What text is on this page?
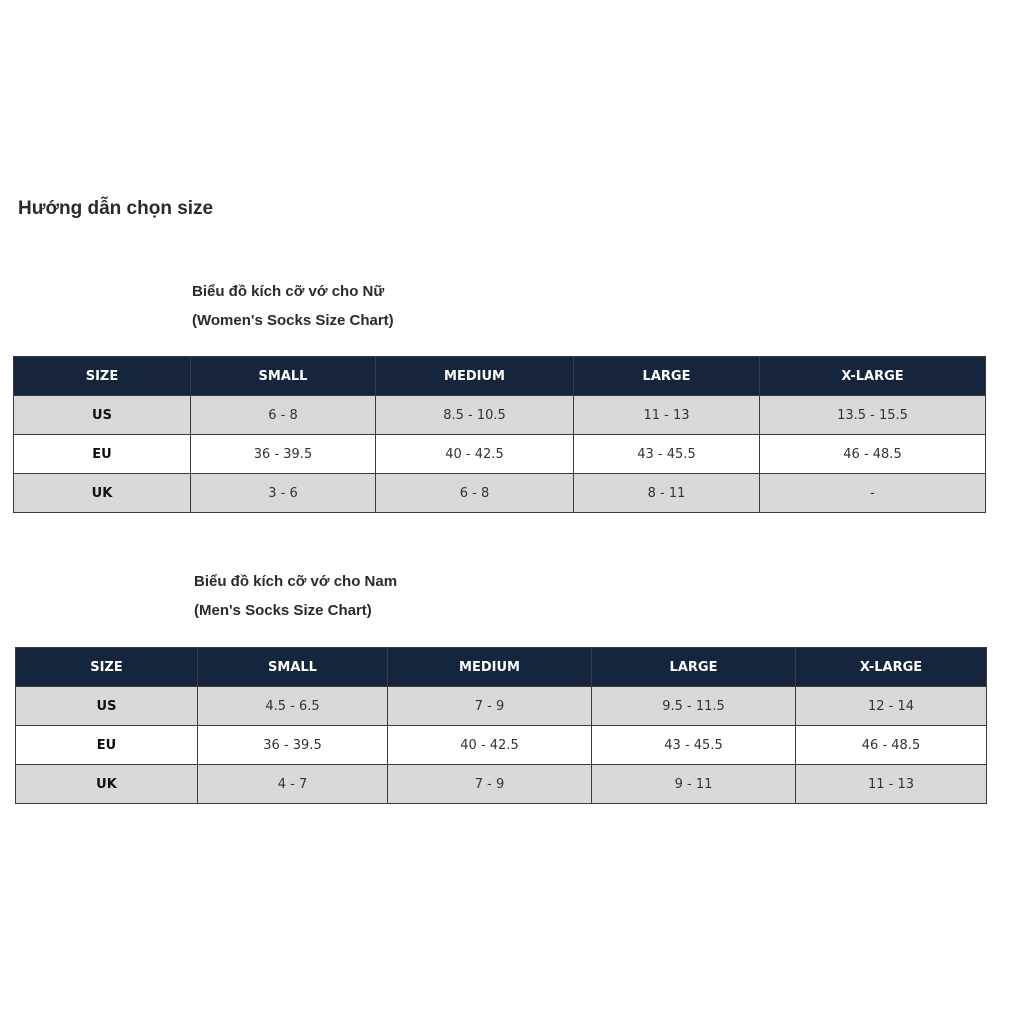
Hướng dẫn chọn size
Biểu đồ kích cỡ vớ cho Nữ
(Women's Socks Size Chart)
SIZE	SMALL	MEDIUM	LARGE	X-LARGE
US	6 - 8	8.5 - 10.5	11 - 13	13.5 - 15.5
EU	36 - 39.5	40 - 42.5	43 - 45.5	46 - 48.5
UK	3 - 6	6 - 8	8 - 11	-
Biểu đồ kích cỡ vớ cho Nam
(Men's Socks Size Chart)
SIZE	SMALL	MEDIUM	LARGE	X-LARGE
US	4.5 - 6.5	7 - 9	9.5 - 11.5	12 - 14
EU	36 - 39.5	40 - 42.5	43 - 45.5	46 - 48.5
UK	4 - 7	7 - 9	9 - 11	11 - 13
